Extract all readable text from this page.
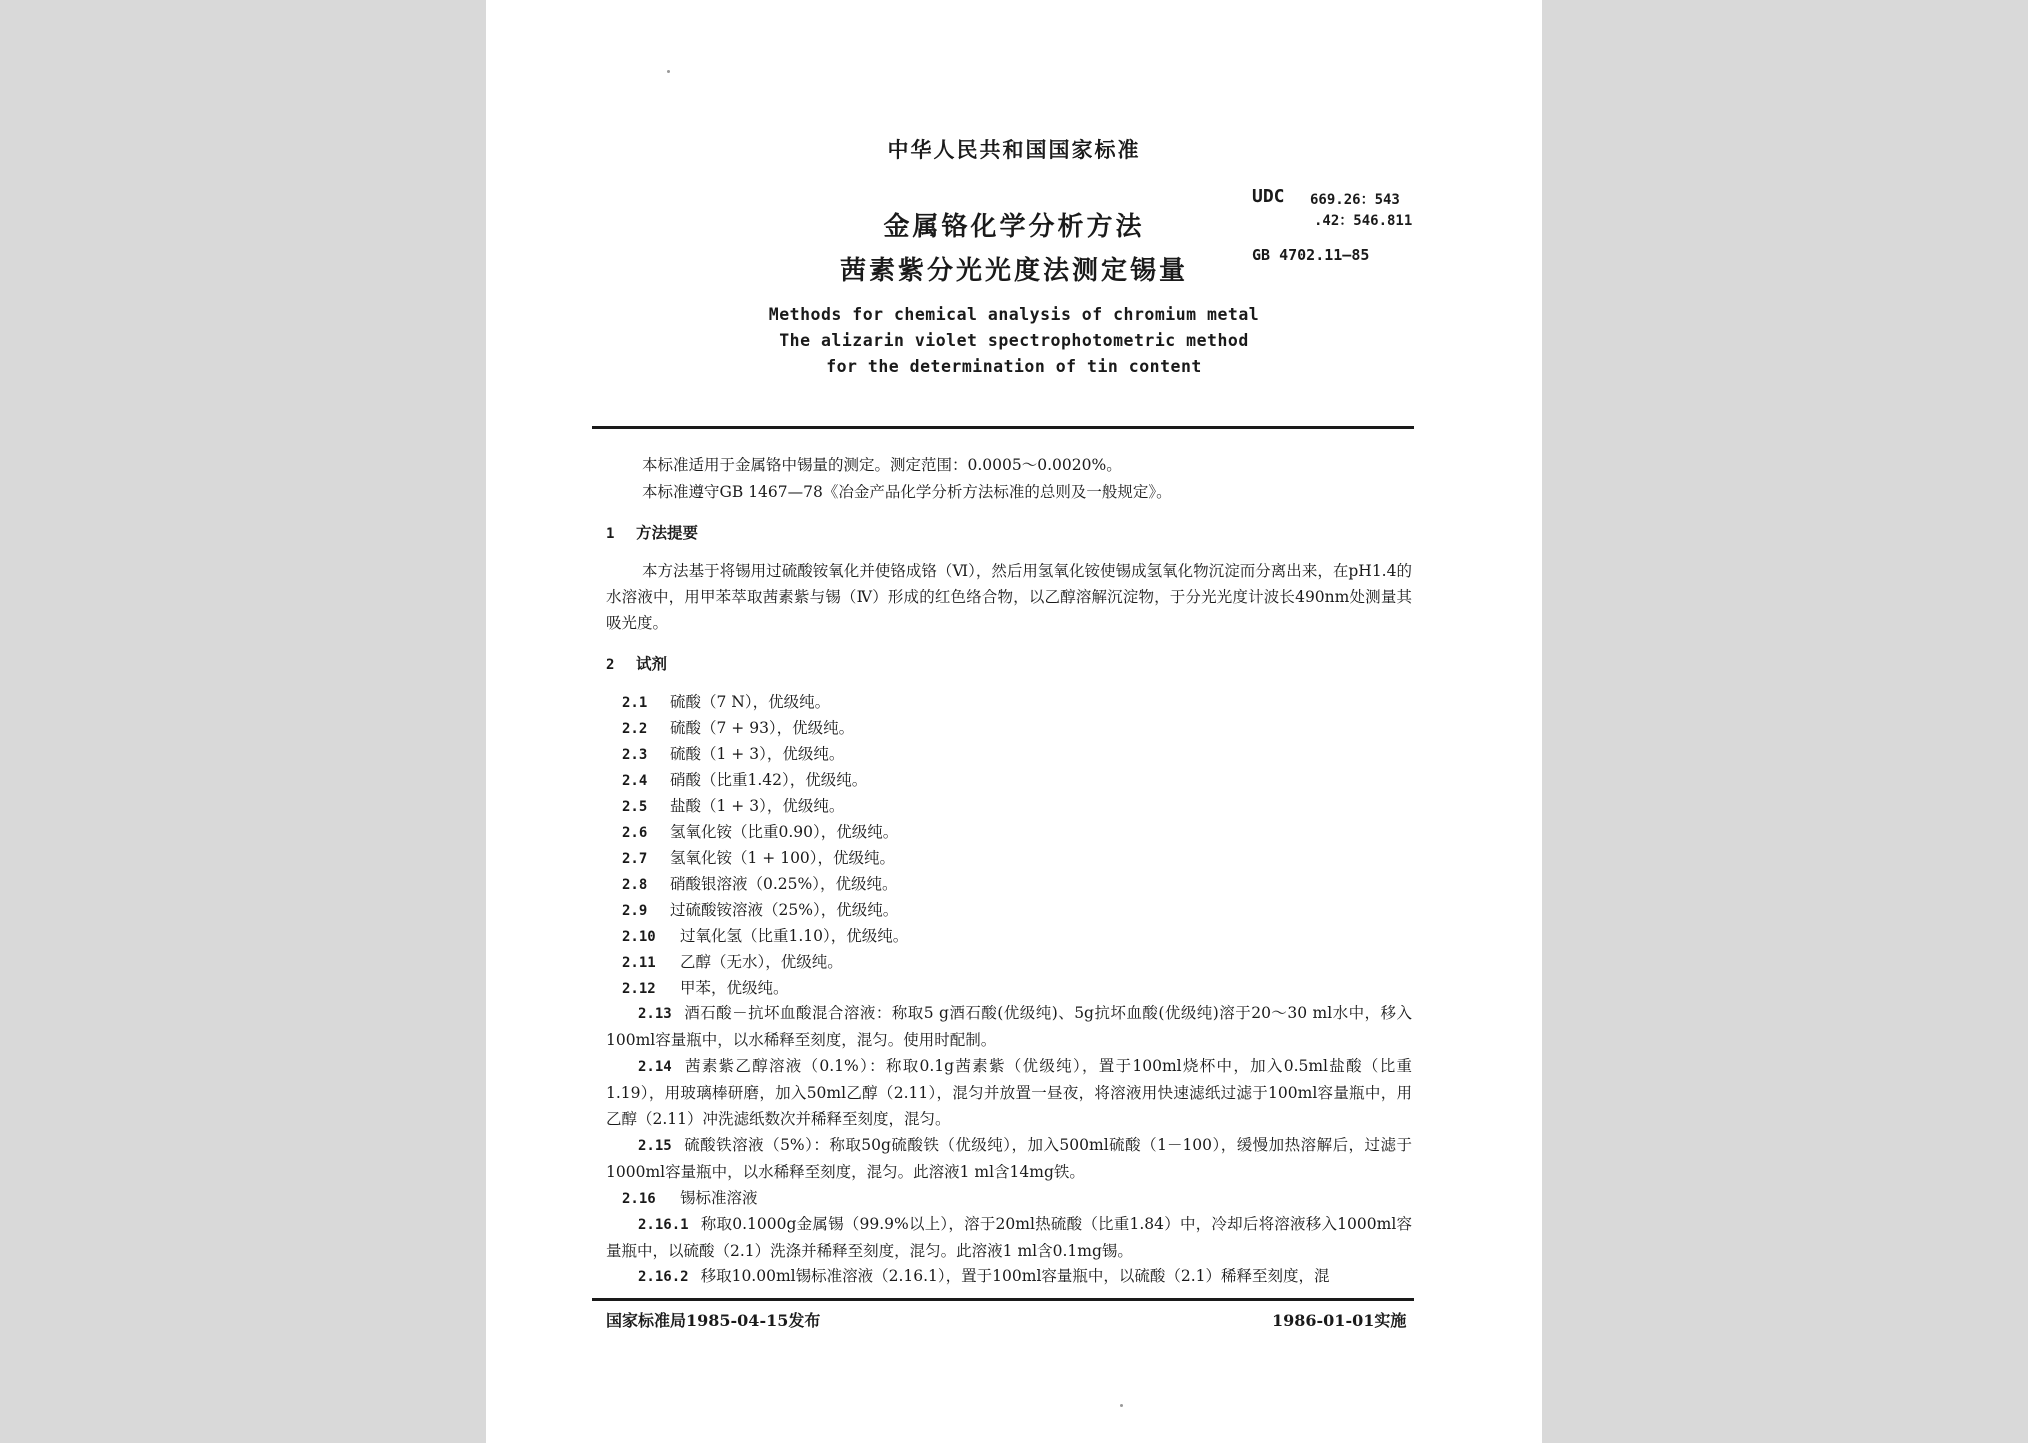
中华人民共和国国家标准
UDC 669.26：543
.42：546.811
GB 4702.11—85
金属铬化学分析方法
茜素紫分光光度法测定锡量
Methods for chemical analysis of chromium metal
The alizarin violet spectrophotometric method
for the determination of tin content
本标准适用于金属铬中锡量的测定。测定范围：0.0005～0.0020%。
本标准遵守GB 1467—78《冶金产品化学分析方法标准的总则及一般规定》。
1 方法提要
本方法基于将锡用过硫酸铵氧化并使铬成铬（Ⅵ），然后用氢氧化铵使锡成氢氧化物沉淀而分离出来，在pH1.4的水溶液中，用甲苯萃取茜素紫与锡（Ⅳ）形成的红色络合物，以乙醇溶解沉淀物，于分光光度计波长490nm处测量其吸光度。
2 试剂
2.1 硫酸（7 N），优级纯。
2.2 硫酸（7 + 93），优级纯。
2.3 硫酸（1 + 3），优级纯。
2.4 硝酸（比重1.42），优级纯。
2.5 盐酸（1 + 3），优级纯。
2.6 氢氧化铵（比重0.90），优级纯。
2.7 氢氧化铵（1 + 100），优级纯。
2.8 硝酸银溶液（0.25%），优级纯。
2.9 过硫酸铵溶液（25%），优级纯。
2.10 过氧化氢（比重1.10），优级纯。
2.11 乙醇（无水），优级纯。
2.12 甲苯，优级纯。
2.13 酒石酸－抗坏血酸混合溶液：称取5 g酒石酸(优级纯)、5g抗坏血酸(优级纯)溶于20～30 ml水中，移入100ml容量瓶中，以水稀释至刻度，混匀。使用时配制。
2.14 茜素紫乙醇溶液（0.1%）：称取0.1g茜素紫（优级纯），置于100ml烧杯中，加入0.5ml盐酸（比重1.19），用玻璃棒研磨，加入50ml乙醇（2.11），混匀并放置一昼夜，将溶液用快速滤纸过滤于100ml容量瓶中，用乙醇（2.11）冲洗滤纸数次并稀释至刻度，混匀。
2.15 硫酸铁溶液（5%）：称取50g硫酸铁（优级纯），加入500ml硫酸（1－100），缓慢加热溶解后，过滤于1000ml容量瓶中，以水稀释至刻度，混匀。此溶液1 ml含14mg铁。
2.16 锡标准溶液
2.16.1 称取0.1000g金属锡（99.9%以上），溶于20ml热硫酸（比重1.84）中，冷却后将溶液移入1000ml容量瓶中，以硫酸（2.1）洗涤并稀释至刻度，混匀。此溶液1 ml含0.1mg锡。
2.16.2 移取10.00ml锡标准溶液（2.16.1），置于100ml容量瓶中，以硫酸（2.1）稀释至刻度，混
国家标准局1985-04-15发布	1986-01-01实施
